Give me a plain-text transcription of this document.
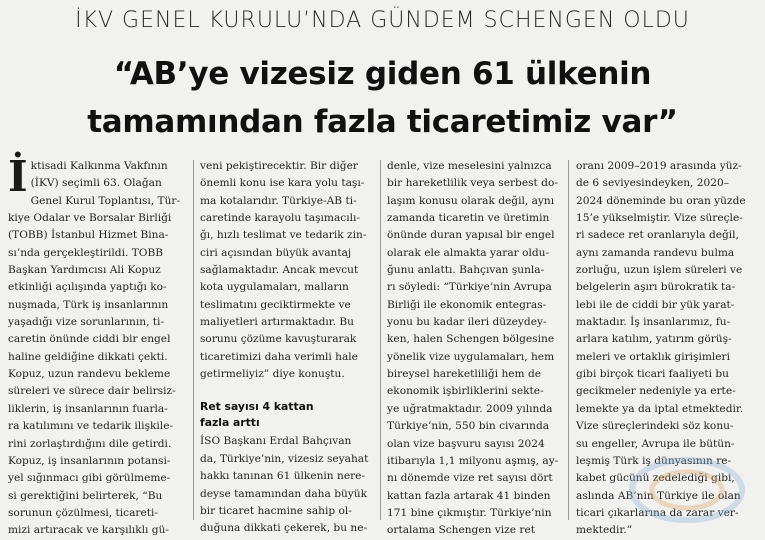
İKV GENEL KURULU’NDA GÜNDEM SCHENGEN OLDU
“AB’ye vizesiz giden 61 ülkenin
tamamından fazla ticaretimiz var”
İ ktisadi Kalkınma Vakfının
(İKV) seçimli 63. Olağan
Genel Kurul Toplantısı, Tür-
kiye Odalar ve Borsalar Birliği
(TOBB) İstanbul Hizmet Bina-
sı’nda gerçekleştirildi. TOBB
Başkan Yardımcısı Ali Kopuz
etkinliği açılışında yaptığı ko-
nuşmada, Türk iş insanlarının
yaşadığı vize sorunlarının, ti-
caretin önünde ciddi bir engel
haline geldiğine dikkati çekti.
Kopuz, uzun randevu bekleme
süreleri ve sürece dair belirsiz-
liklerin, iş insanlarının fuarla-
ra katılımını ve tedarik ilişkile-
rini zorlaştırdığını dile getirdi.
Kopuz, iş insanlarının potansi-
yel sığınmacı gibi görülmeme-
si gerektiğini belirterek, “Bu
sorunun çözülmesi, ticareti-
mizi artıracak ve karşılıklı gü-
veni pekiştirecektir. Bir diğer
önemli konu ise kara yolu taşı-
ma kotalarıdır. Türkiye-AB ti-
caretinde karayolu taşımacılı-
ğı, hızlı teslimat ve tedarik zin-
ciri açısından büyük avantaj
sağlamaktadır. Ancak mevcut
kota uygulamaları, malların
teslimatını geciktirmekte ve
maliyetleri artırmaktadır. Bu
sorunu çözüme kavuşturarak
ticaretimizi daha verimli hale
getirmeliyiz” diye konuştu.
Ret sayısı 4 kattan
fazla arttı
İSO Başkanı Erdal Bahçıvan
da, Türkiye’nin, vizesiz seyahat
hakkı tanınan 61 ülkenin nere-
deyse tamamından daha büyük
bir ticaret hacmine sahip ol-
duğuna dikkati çekerek, bu ne-
denle, vize meselesini yalnızca
bir hareketlilik veya serbest do-
laşım konusu olarak değil, aynı
zamanda ticaretin ve üretimin
önünde duran yapısal bir engel
olarak ele almakta yarar oldu-
ğunu anlattı. Bahçıvan şunla-
rı söyledi: “Türkiye’nin Avrupa
Birliği ile ekonomik entegras-
yonu bu kadar ileri düzeydey-
ken, halen Schengen bölgesine
yönelik vize uygulamaları, hem
bireysel hareketliliği hem de
ekonomik işbirliklerini sekte-
ye uğratmaktadır. 2009 yılında
Türkiye’nin, 550 bin civarında
olan vize başvuru sayısı 2024
itibarıyla 1,1 milyonu aşmış, ay-
nı dönemde vize ret sayısı dört
kattan fazla artarak 41 binden
171 bine çıkmıştır. Türkiye’nin
ortalama Schengen vize ret
oranı 2009–2019 arasında yüz-
de 6 seviyesindeyken, 2020–
2024 döneminde bu oran yüzde
15’e yükselmiştir. Vize süreçle-
ri sadece ret oranlarıyla değil,
aynı zamanda randevu bulma
zorluğu, uzun işlem süreleri ve
belgelerin aşırı bürokratik ta-
lebi ile de ciddi bir yük yarat-
maktadır. İş insanlarımız, fu-
arlara katılım, yatırım görüş-
meleri ve ortaklık girişimleri
gibi birçok ticari faaliyeti bu
gecikmeler nedeniyle ya erte-
lemekte ya da iptal etmektedir.
Vize süreçlerindeki söz konu-
su engeller, Avrupa ile bütün-
leşmiş Türk iş dünyasının re-
kabet gücünü zedelediği gibi,
aslında AB’nin Türkiye ile olan
ticari çıkarlarına da zarar ver-
mektedir.”
